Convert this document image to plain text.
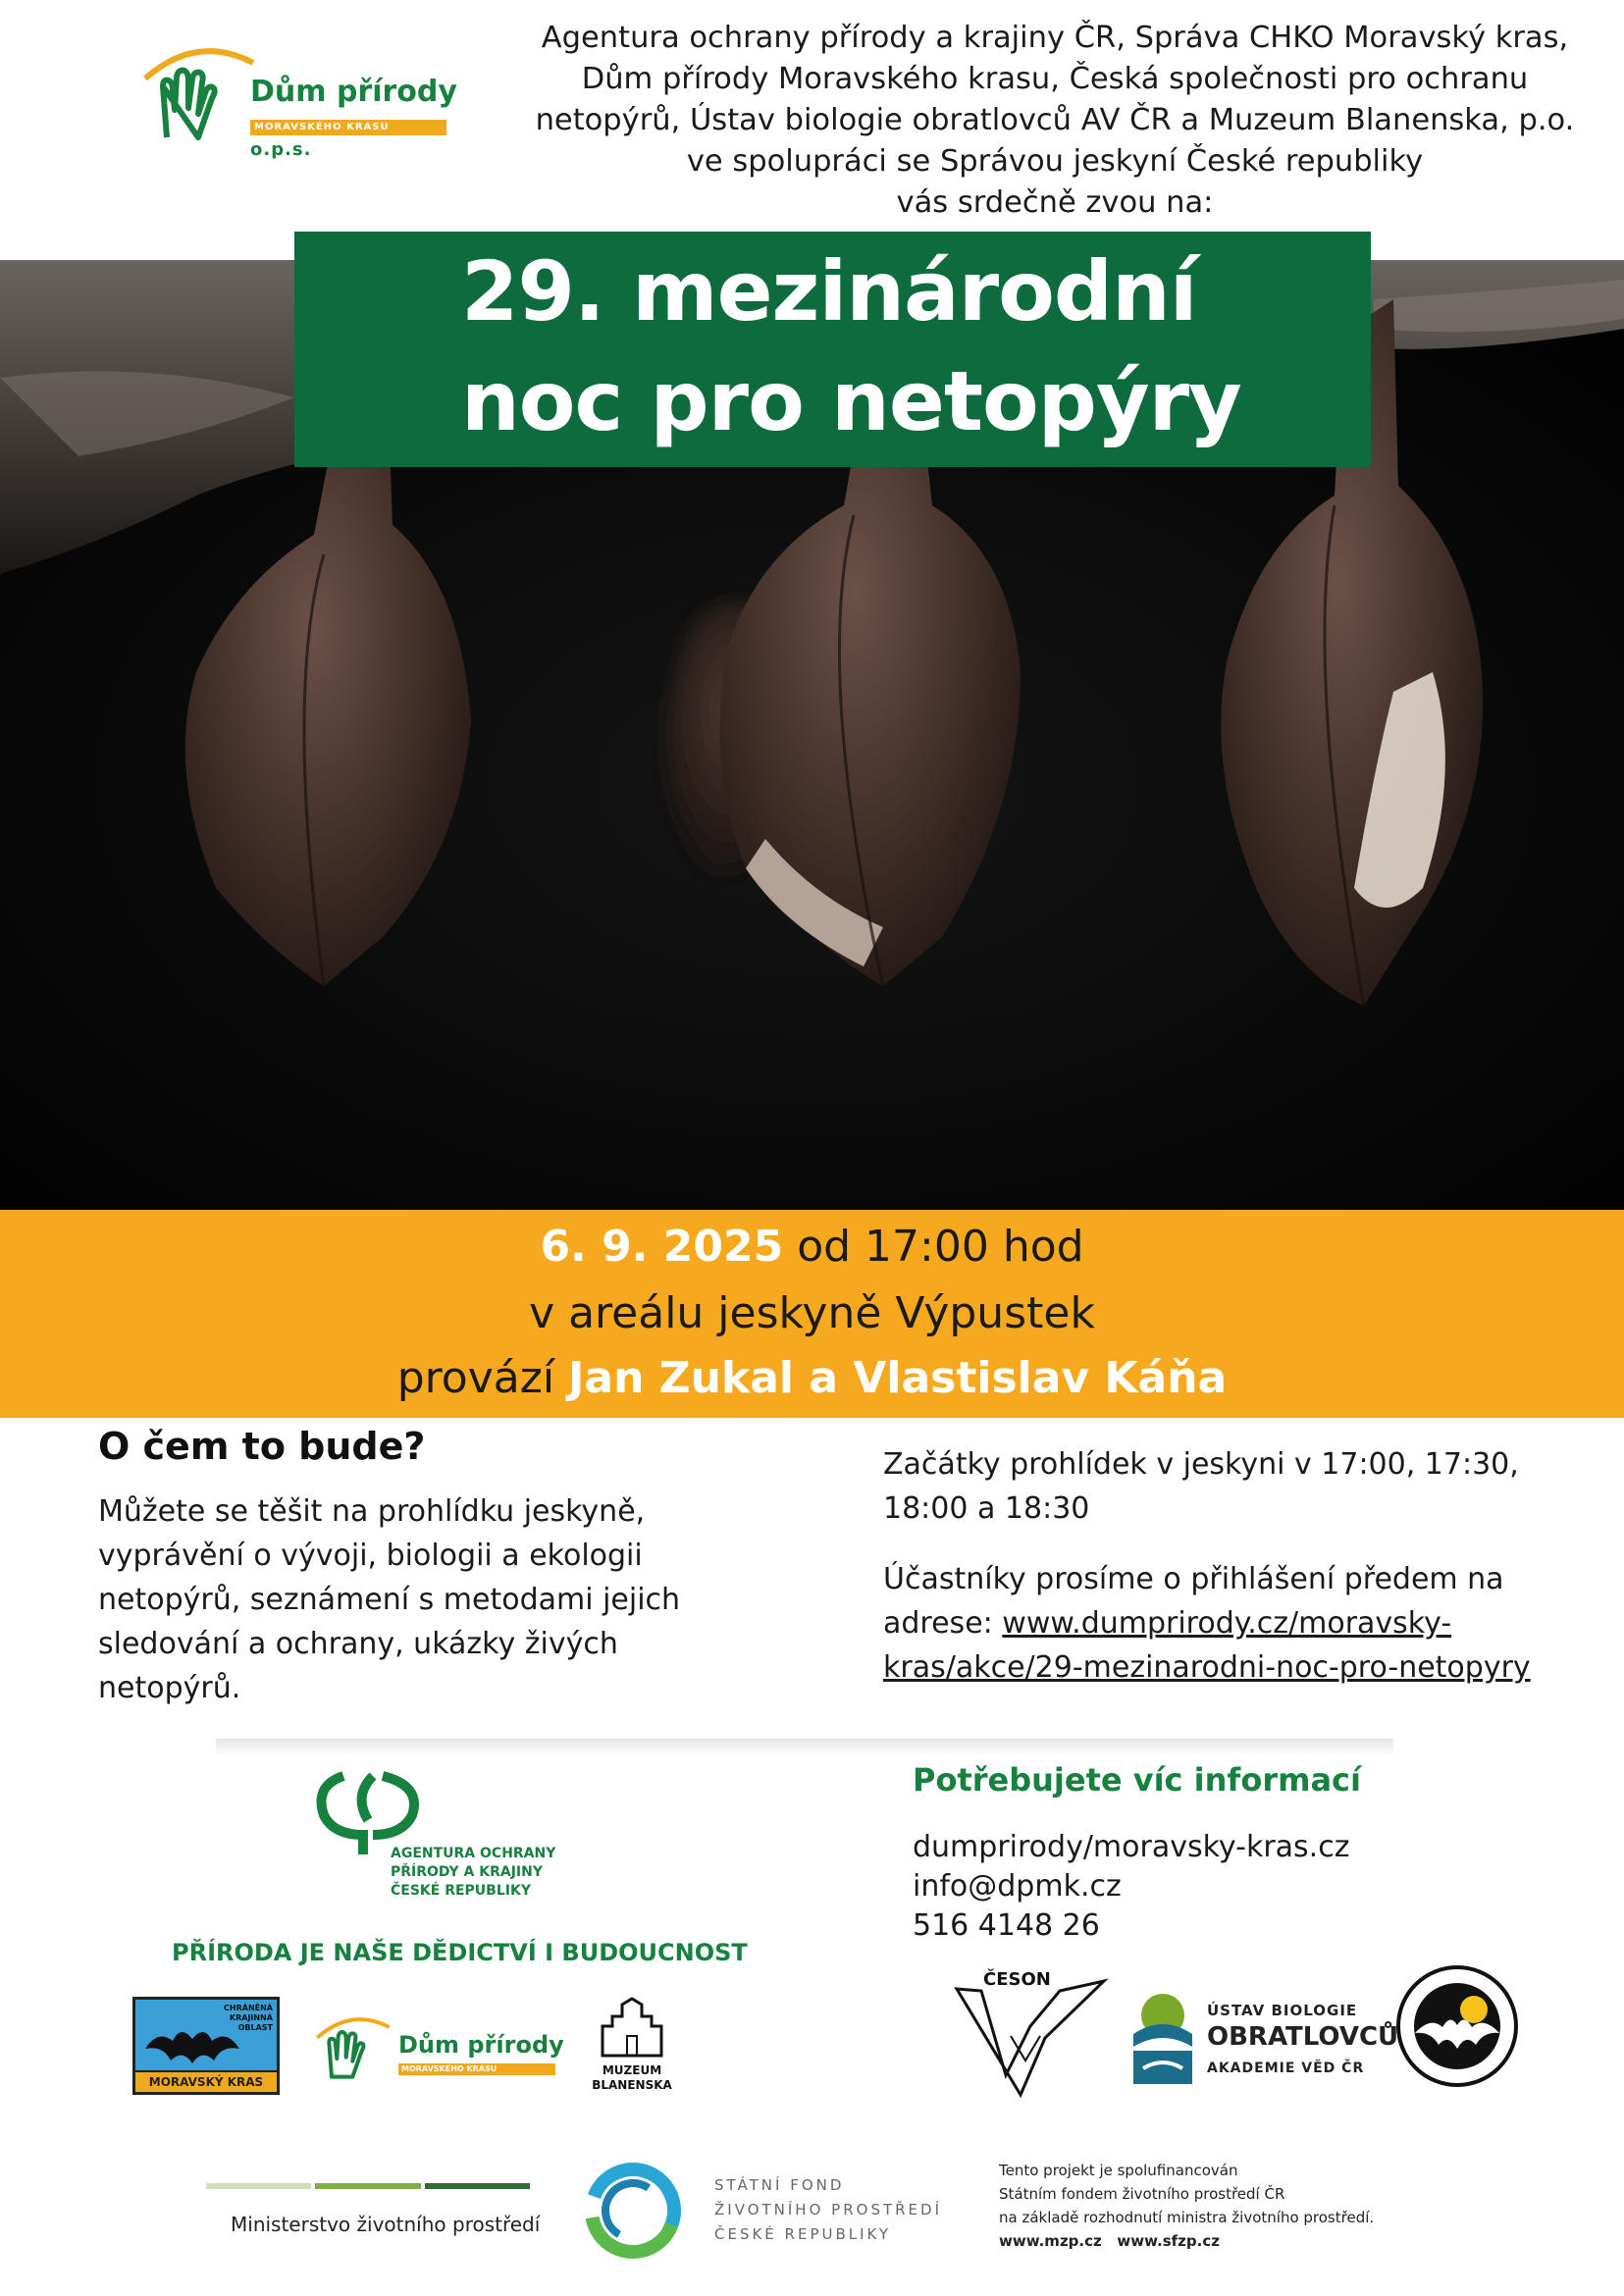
Dům přírody
MORAVSKÉHO KRASU
o.p.s.
Agentura ochrany přírody a krajiny ČR, Správa CHKO Moravský kras,
Dům přírody Moravského krasu, Česká společnosti pro ochranu
netopýrů, Ústav biologie obratlovců AV ČR a Muzeum Blanenska, p.o.
ve spolupráci se Správou jeskyní České republiky
vás srdečně zvou na:
29. mezinárodní
noc pro netopýry
6. 9. 2025 od 17:00 hod
v areálu jeskyně Výpustek
provází Jan Zukal a Vlastislav Káňa
O čem to bude?
Můžete se těšit na prohlídku jeskyně,
vyprávění o vývoji, biologii a ekologii
netopýrů, seznámení s metodami jejich
sledování a ochrany, ukázky živých
netopýrů.
Začátky prohlídek v jeskyni v 17:00, 17:30,
18:00 a 18:30
Účastníky prosíme o přihlášení předem na
adrese: www.dumprirody.cz/moravsky-
kras/akce/29-mezinarodni-noc-pro-netopyry
AGENTURA OCHRANY
PŘÍRODY A KRAJINY
ČESKÉ REPUBLIKY
PŘÍRODA JE NAŠE DĚDICTVÍ I BUDOUCNOST
CHRÁNĚNÁ
KRAJINNÁ
OBLAST
MORAVSKÝ KRAS
Dům přírody
MORAVSKÉHO KRASU	MUZEUM
BLANENSKA
Potřebujete víc informací
dumprirody/moravsky-kras.cz
info@dpmk.cz
516 4148 26
ČESON
ÚSTAV BIOLOGIE
OBRATLOVCŮ
AKADEMIE VĚD ČR
Ministerstvo životního prostředí
STÁTNÍ FOND
ŽIVOTNÍHO PROSTŘEDÍ
ČESKÉ REPUBLIKY
Tento projekt je spolufinancován
Státním fondem životního prostředí ČR
na základě rozhodnutí ministra životního prostředí.
www.mzp.cz www.sfzp.cz
